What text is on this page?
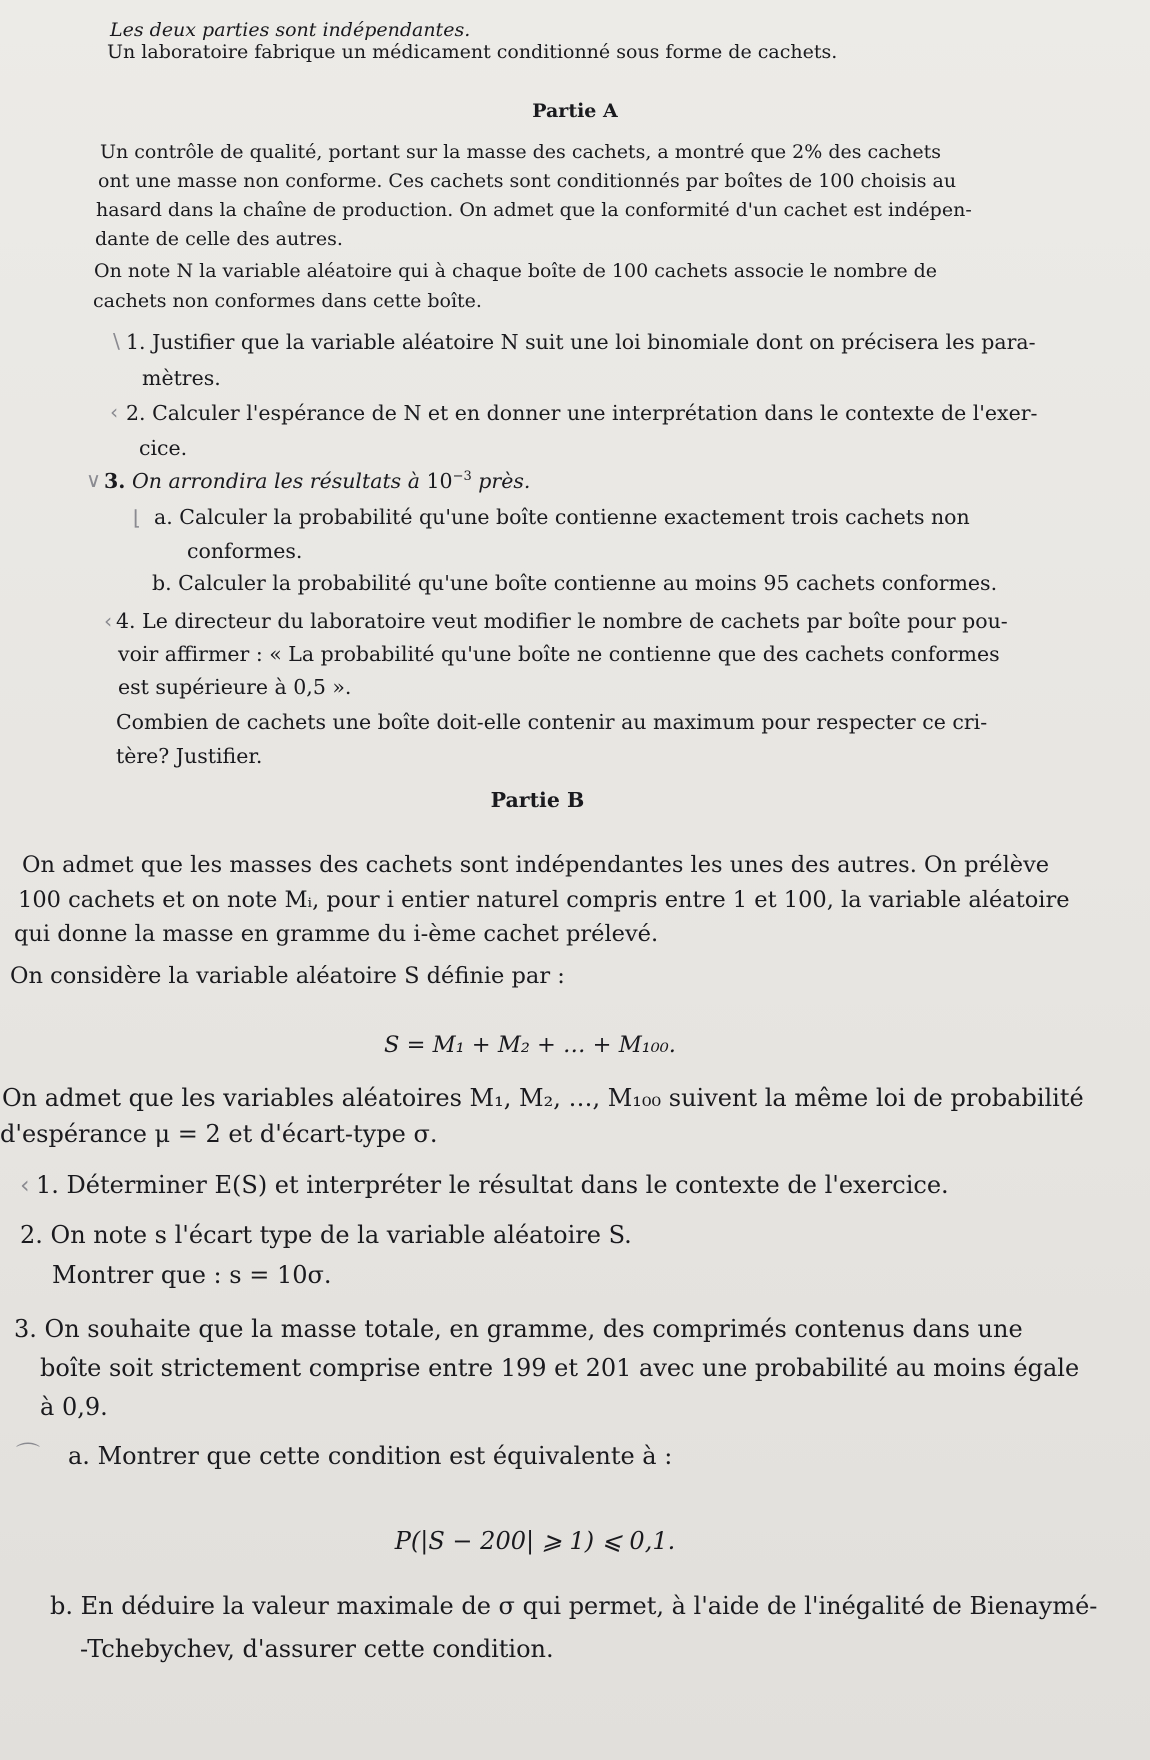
Les deux parties sont indépendantes.
Un laboratoire fabrique un médicament conditionné sous forme de cachets.
Partie A
Un contrôle de qualité, portant sur la masse des cachets, a montré que 2% des cachets
ont une masse non conforme. Ces cachets sont conditionnés par boîtes de 100 choisis au
hasard dans la chaîne de production. On admet que la conformité d'un cachet est indépen-
dante de celle des autres.
On note N la variable aléatoire qui à chaque boîte de 100 cachets associe le nombre de
cachets non conformes dans cette boîte.
\ 1. Justifier que la variable aléatoire N suit une loi binomiale dont on précisera les para-
mètres.
‹ 2. Calculer l'espérance de N et en donner une interprétation dans le contexte de l'exer-
cice.
∨ 3. On arrondira les résultats à $10^{-3}$ près.
⌊ a. Calculer la probabilité qu'une boîte contienne exactement trois cachets non
conformes.
b. Calculer la probabilité qu'une boîte contienne au moins 95 cachets conformes.
‹ 4. Le directeur du laboratoire veut modifier le nombre de cachets par boîte pour pou-
voir affirmer : « La probabilité qu'une boîte ne contienne que des cachets conformes
est supérieure à 0,5 ».
Combien de cachets une boîte doit-elle contenir au maximum pour respecter ce cri-
tère? Justifier.
Partie B
On admet que les masses des cachets sont indépendantes les unes des autres. On prélève
100 cachets et on note Mᵢ, pour i entier naturel compris entre 1 et 100, la variable aléatoire
qui donne la masse en gramme du i-ème cachet prélevé.
On considère la variable aléatoire S définie par :
S = M₁ + M₂ + … + M₁₀₀.
On admet que les variables aléatoires M₁, M₂, …, M₁₀₀ suivent la même loi de probabilité
d'espérance μ = 2 et d'écart-type σ.
‹ 1. Déterminer E(S) et interpréter le résultat dans le contexte de l'exercice.
2. On note s l'écart type de la variable aléatoire S.
Montrer que : s = 10σ.
3. On souhaite que la masse totale, en gramme, des comprimés contenus dans une
boîte soit strictement comprise entre 199 et 201 avec une probabilité au moins égale
à 0,9.
⌒ a. Montrer que cette condition est équivalente à :
P(|S − 200| ⩾ 1) ⩽ 0,1.
b. En déduire la valeur maximale de σ qui permet, à l'aide de l'inégalité de Bienaymé-
-Tchebychev, d'assurer cette condition.
